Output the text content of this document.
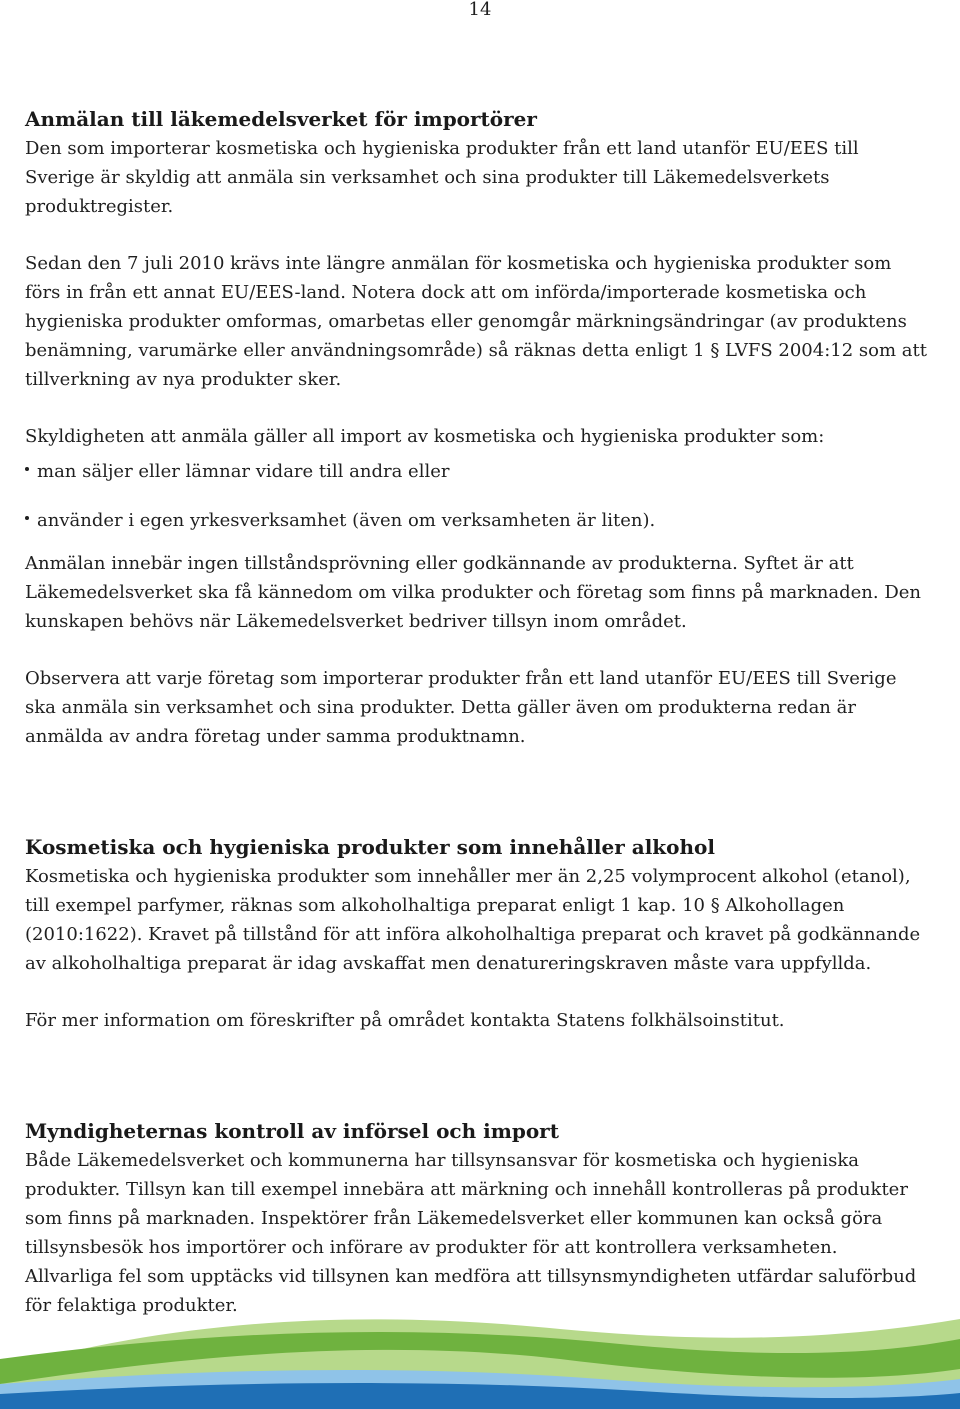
14
Anmälan till läkemedelsverket för importörer

Den som importerar kosmetiska och hygieniska produkter från ett land utanför EU/EES till Sverige är skyldig att anmäla sin verksamhet och sina produkter till Läkemedelsverkets produktregister.

Sedan den 7 juli 2010 krävs inte längre anmälan för kosmetiska och hygieniska produkter som förs in från ett annat EU/EES-land. Notera dock att om införda/importerade kosmetiska och hygieniska produkter omformas, omarbetas eller genomgår märkningsändringar (av produktens benämning, varumärke eller användningsområde) så räknas detta enligt 1 § LVFS 2004:12 som att tillverkning av nya produkter sker.

Skyldigheten att anmäla gäller all import av kosmetiska och hygieniska produkter som:

man säljer eller lämnar vidare till andra eller
använder i egen yrkesverksamhet (även om verksamheten är liten).

Anmälan innebär ingen tillståndsprövning eller godkännande av produkterna. Syftet är att Läkemedelsverket ska få kännedom om vilka produkter och företag som finns på marknaden. Den kunskapen behövs när Läkemedelsverket bedriver tillsyn inom området.

Observera att varje företag som importerar produkter från ett land utanför EU/EES till Sverige ska anmäla sin verksamhet och sina produkter. Detta gäller även om produkterna redan är anmälda av andra företag under samma produktnamn.

Kosmetiska och hygieniska produkter som innehåller alkohol

Kosmetiska och hygieniska produkter som innehåller mer än 2,25 volymprocent alkohol (etanol), till exempel parfymer, räknas som alkoholhaltiga preparat enligt 1 kap. 10 § Alkohollagen (2010:1622). Kravet på tillstånd för att införa alkoholhaltiga preparat och kravet på godkännande av alkoholhaltiga preparat är idag avskaffat men denatureringskraven måste vara uppfyllda.

För mer information om föreskrifter på området kontakta Statens folkhälsoinstitut.

Myndigheternas kontroll av införsel och import

Både Läkemedelsverket och kommunerna har tillsynsansvar för kosmetiska och hygieniska produkter. Tillsyn kan till exempel innebära att märkning och innehåll kontrolleras på produkter som finns på marknaden. Inspektörer från Läkemedelsverket eller kommunen kan också göra tillsynsbesök hos importörer och införare av produkter för att kontrollera verksamheten. Allvarliga fel som upptäcks vid tillsynen kan medföra att tillsynsmyndigheten utfärdar saluförbud för felaktiga produkter.
